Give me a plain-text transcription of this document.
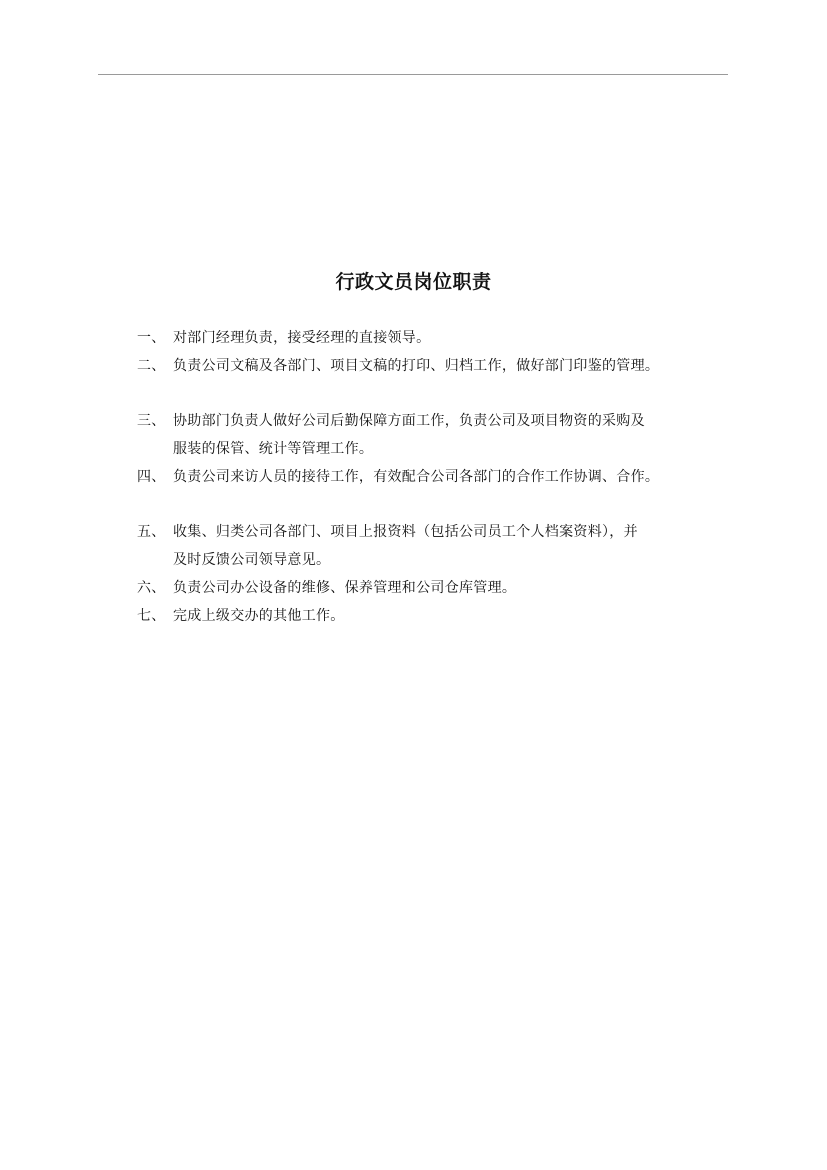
行政文员岗位职责
一、 对部门经理负责，接受经理的直接领导。
二、 负责公司文稿及各部门、项目文稿的打印、归档工作，做好部门印鉴的管理。
三、 协助部门负责人做好公司后勤保障方面工作，负责公司及项目物资的采购及
服装的保管、统计等管理工作。
四、 负责公司来访人员的接待工作，有效配合公司各部门的合作工作协调、合作。
五、 收集、归类公司各部门、项目上报资料（包括公司员工个人档案资料），并
及时反馈公司领导意见。
六、 负责公司办公设备的维修、保养管理和公司仓库管理。
七、 完成上级交办的其他工作。
